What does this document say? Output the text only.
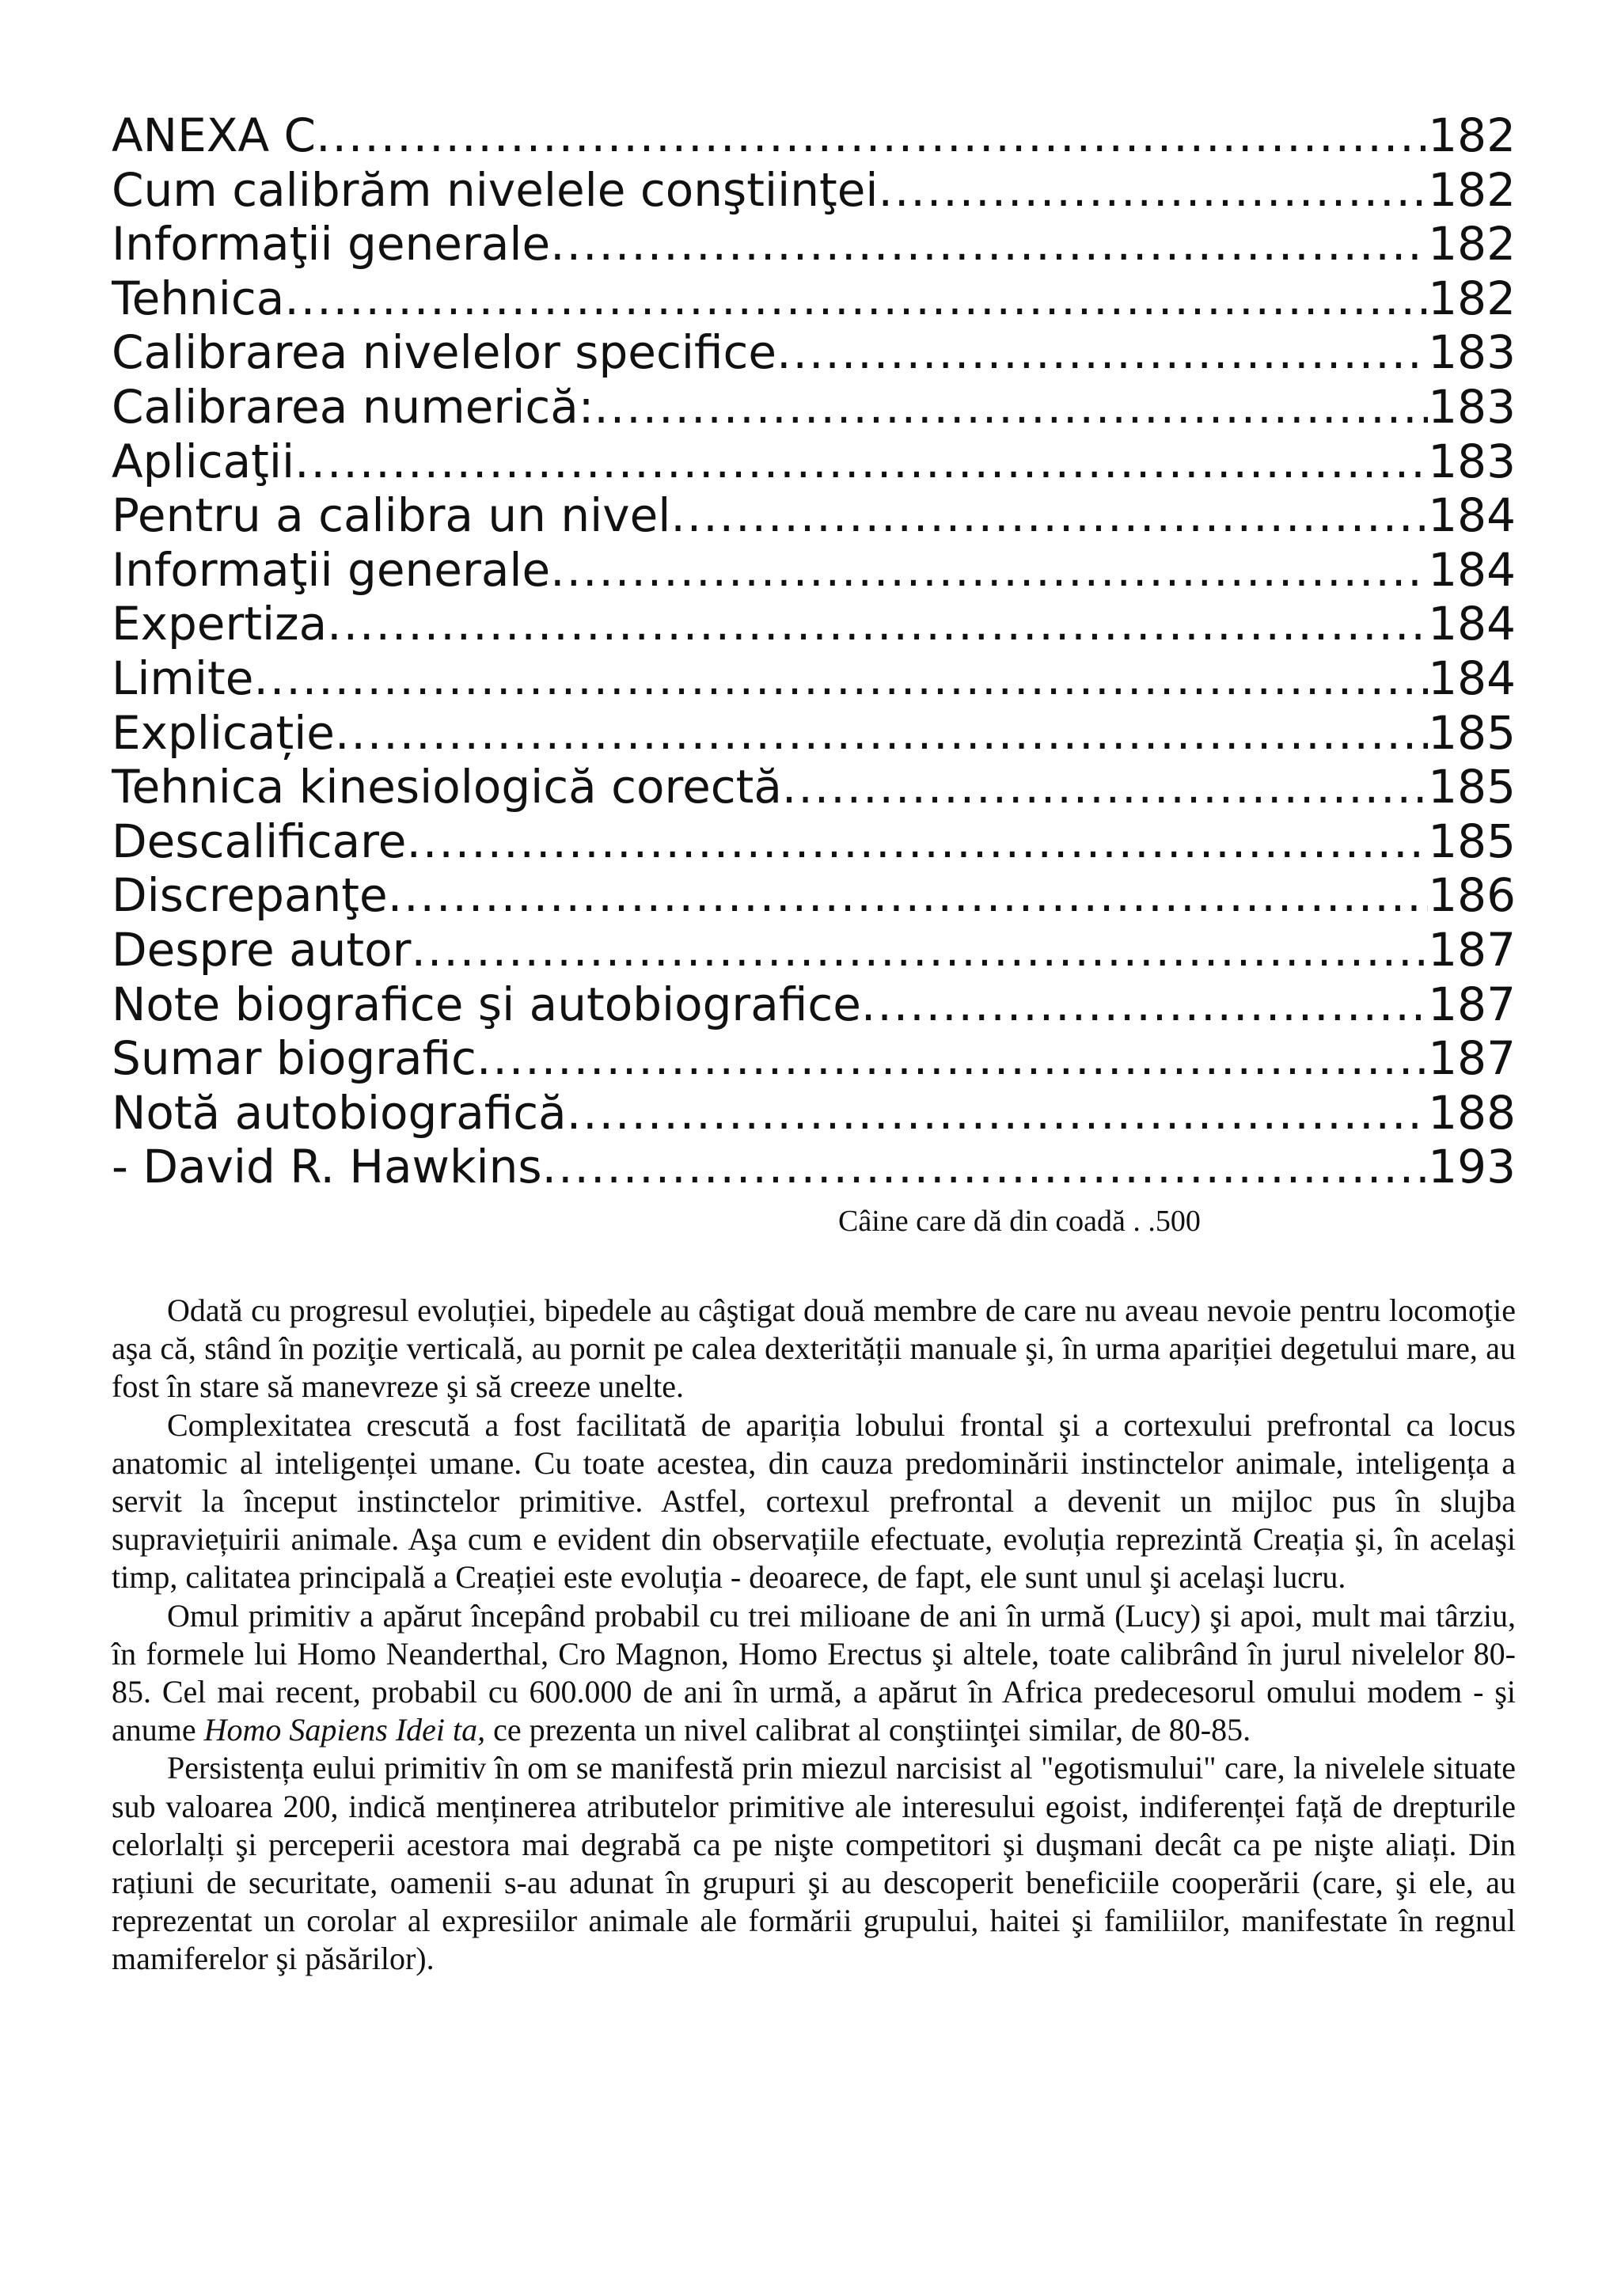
ANEXA C .....	182
Cum calibrăm nivelele conştiinţei .....	182
Informaţii generale .....	182
Tehnica .....	182
Calibrarea nivelelor specifice .....	183
Calibrarea numerică: .....	183
Aplicaţii .....	183
Pentru a calibra un nivel .....	184
Informaţii generale .....	184
Expertiza .....	184
Limite .....	184
Explicație .....	185
Tehnica kinesiologică corectă .....	185
Descalificare .....	185
Discrepanţe .....	186
Despre autor .....	187
Note biografice şi autobiografice .....	187
Sumar biografic .....	187
Notă autobiografică .....	188
- David R. Hawkins .....	193
Câine care dă din coadă . .500

Odată cu progresul evoluției, bipedele au câştigat două membre de care nu aveau nevoie pentru locomoţie aşa că, stând în poziţie verticală, au pornit pe calea dexterității manuale şi, în urma apariției degetului mare, au fost în stare să manevreze şi să creeze unelte.

Complexitatea crescută a fost facilitată de apariția lobului frontal şi a cortexului prefrontal ca locus anatomic al inteligenței umane. Cu toate acestea, din cauza predominării instinctelor animale, inteligența a servit la început instinctelor primitive. Astfel, cortexul prefrontal a devenit un mijloc pus în slujba supraviețuirii animale. Aşa cum e evident din observațiile efectuate, evoluția reprezintă Creația şi, în acelaşi timp, calitatea principală a Creației este evoluția - deoarece, de fapt, ele sunt unul şi acelaşi lucru.

Omul primitiv a apărut începând probabil cu trei milioane de ani în urmă (Lucy) şi apoi, mult mai târziu, în formele lui Homo Neanderthal, Cro Magnon, Homo Erectus şi altele, toate calibrând în jurul nivelelor 80-85. Cel mai recent, probabil cu 600.000 de ani în urmă, a apărut în Africa predecesorul omului modem - şi anume Homo Sapiens Idei ta, ce prezenta un nivel calibrat al conştiinţei similar, de 80-85.

Persistența eului primitiv în om se manifestă prin miezul narcisist al "egotismului" care, la nivelele situate sub valoarea 200, indică menținerea atributelor primitive ale interesului egoist, indiferenței față de drepturile celorlalți şi perceperii acestora mai degrabă ca pe nişte competitori şi duşmani decât ca pe nişte aliați. Din rațiuni de securitate, oamenii s-au adunat în grupuri şi au descoperit beneficiile cooperării (care, şi ele, au reprezentat un corolar al expresiilor animale ale formării grupului, haitei şi familiilor, manifestate în regnul mamiferelor şi păsărilor).
